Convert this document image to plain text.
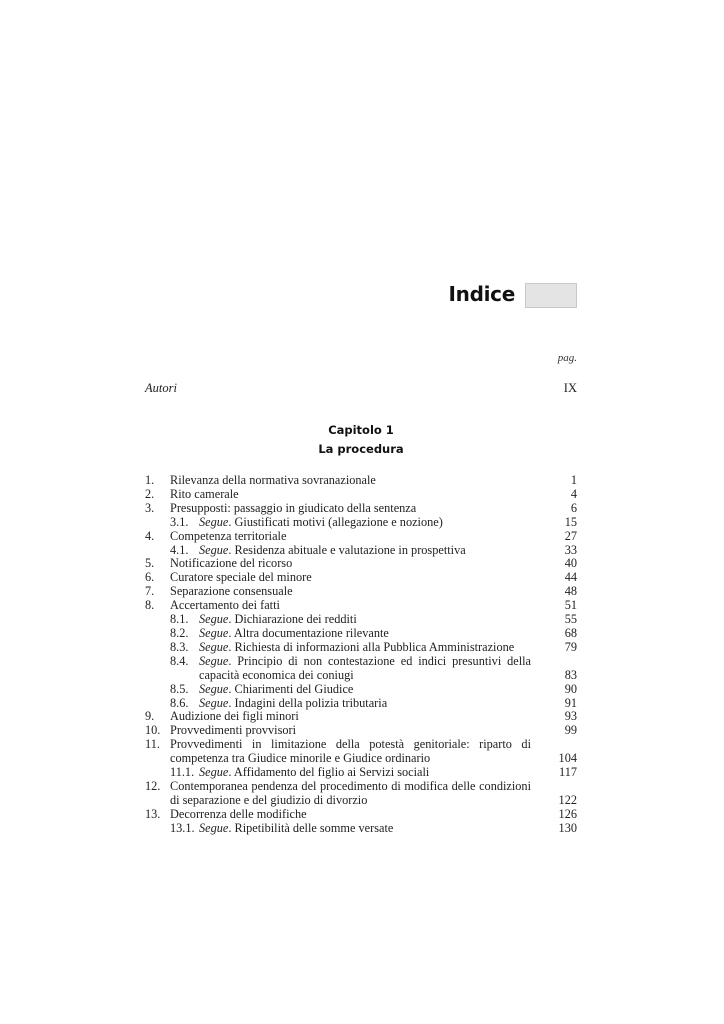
Indice
pag.
Autori	IX
Capitolo 1
La procedura
1.	Rilevanza della normativa sovranazionale	1
2.	Rito camerale	4
3.	Presupposti: passaggio in giudicato della sentenza	6
3.1. Segue. Giustificati motivi (allegazione e nozione)	15
4.	Competenza territoriale	27
4.1. Segue. Residenza abituale e valutazione in prospettiva	33
5.	Notificazione del ricorso	40
6.	Curatore speciale del minore	44
7.	Separazione consensuale	48
8.	Accertamento dei fatti	51
8.1. Segue. Dichiarazione dei redditi	55
8.2. Segue. Altra documentazione rilevante	68
8.3. Segue. Richiesta di informazioni alla Pubblica Amministrazione	79
8.4. Segue. Principio di non contestazione ed indici presuntivi della capacità economica dei coniugi	83
8.5. Segue. Chiarimenti del Giudice	90
8.6. Segue. Indagini della polizia tributaria	91
9.	Audizione dei figli minori	93
10. Provvedimenti provvisori	99
11. Provvedimenti in limitazione della potestà genitoriale: riparto di competenza tra Giudice minorile e Giudice ordinario	104
11.1. Segue. Affidamento del figlio ai Servizi sociali	117
12. Contemporanea pendenza del procedimento di modifica delle condizioni di separazione e del giudizio di divorzio	122
13. Decorrenza delle modifiche	126
13.1. Segue. Ripetibilità delle somme versate	130
